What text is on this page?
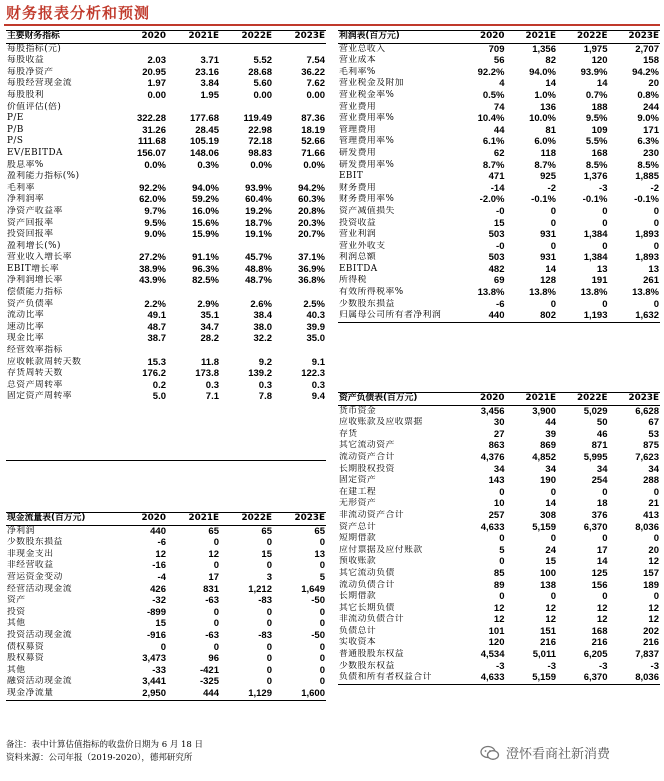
财务报表分析和预测
主要财务指标	2020	2021E	2022E	2023E
每股指标(元)				
每股收益	2.03	3.71	5.52	7.54
每股净资产	20.95	23.16	28.68	36.22
每股经营现金流	1.97	3.84	5.60	7.62
每股股利	0.00	1.95	0.00	0.00
价值评估(倍)				
P/E	322.28	177.68	119.49	87.36
P/B	31.26	28.45	22.98	18.19
P/S	111.68	105.19	72.18	52.66
EV/EBITDA	156.07	148.06	98.83	71.66
股息率%	0.0%	0.3%	0.0%	0.0%
盈利能力指标(%)				
毛利率	92.2%	94.0%	93.9%	94.2%
净利润率	62.0%	59.2%	60.4%	60.3%
净资产收益率	9.7%	16.0%	19.2%	20.8%
资产回报率	9.5%	15.6%	18.7%	20.3%
投资回报率	9.0%	15.9%	19.1%	20.7%
盈利增长(%)				
营业收入增长率	27.2%	91.1%	45.7%	37.1%
EBIT增长率	38.9%	96.3%	48.8%	36.9%
净利润增长率	43.9%	82.5%	48.7%	36.8%
偿债能力指标				
资产负债率	2.2%	2.9%	2.6%	2.5%
流动比率	49.1	35.1	38.4	40.3
速动比率	48.7	34.7	38.0	39.9
现金比率	38.7	28.2	32.2	35.0
经营效率指标				
应收帐款周转天数	15.3	11.8	9.2	9.1
存货周转天数	176.2	173.8	139.2	122.3
总资产周转率	0.2	0.3	0.3	0.3
固定资产周转率	5.0	7.1	7.8	9.4

现金流量表(百万元)	2020	2021E	2022E	2023E
净利润	440	65	65	65
少数股东损益	-6	0	0	0
非现金支出	12	12	15	13
非经营收益	-16	0	0	0
营运资金变动	-4	17	3	5
经营活动现金流	426	831	1,212	1,649
资产	-32	-63	-83	-50
投资	-899	0	0	0
其他	15	0	0	0
投资活动现金流	-916	-63	-83	-50
债权募资	0	0	0	0
股权募资	3,473	96	0	0
其他	-33	-421	0	0
融资活动现金流	3,441	-325	0	0
现金净流量	2,950	444	1,129	1,600
利润表(百万元)	2020	2021E	2022E	2023E
营业总收入	709	1,356	1,975	2,707
营业成本	56	82	120	158
毛利率%	92.2%	94.0%	93.9%	94.2%
营业税金及附加	4	14	14	20
营业税金率%	0.5%	1.0%	0.7%	0.8%
营业费用	74	136	188	244
营业费用率%	10.4%	10.0%	9.5%	9.0%
管理费用	44	81	109	171
管理费用率%	6.1%	6.0%	5.5%	6.3%
研发费用	62	118	168	230
研发费用率%	8.7%	8.7%	8.5%	8.5%
EBIT	471	925	1,376	1,885
财务费用	-14	-2	-3	-2
财务费用率%	-2.0%	-0.1%	-0.1%	-0.1%
资产减值损失	-0	0	0	0
投资收益	15	0	0	0
营业利润	503	931	1,384	1,893
营业外收支	-0	0	0	0
利润总额	503	931	1,384	1,893
EBITDA	482	14	13	13
所得税	69	128	191	261
有效所得税率%	13.8%	13.8%	13.8%	13.8%
少数股东损益	-6	0	0	0
归属母公司所有者净利润	440	802	1,193	1,632
资产负债表(百万元)	2020	2021E	2022E	2023E
货币资金	3,456	3,900	5,029	6,628
应收账款及应收票据	30	44	50	67
存货	27	39	46	53
其它流动资产	863	869	871	875
流动资产合计	4,376	4,852	5,995	7,623
长期股权投资	34	34	34	34
固定资产	143	190	254	288
在建工程	0	0	0	0
无形资产	10	14	18	21
非流动资产合计	257	308	376	413
资产总计	4,633	5,159	6,370	8,036
短期借款	0	0	0	0
应付票据及应付账款	5	24	17	20
预收账款	0	15	14	12
其它流动负债	85	100	125	157
流动负债合计	89	138	156	189
长期借款	0	0	0	0
其它长期负债	12	12	12	12
非流动负债合计	12	12	12	12
负债总计	101	151	168	202
实收资本	120	216	216	216
普通股股东权益	4,534	5,011	6,205	7,837
少数股东权益	-3	-3	-3	-3
负债和所有者权益合计	4,633	5,159	6,370	8,036
备注：表中计算估值指标的收盘价日期为 6 月 18 日
资料来源：公司年报（2019-2020），德邦研究所	澄怀看商社新消费
